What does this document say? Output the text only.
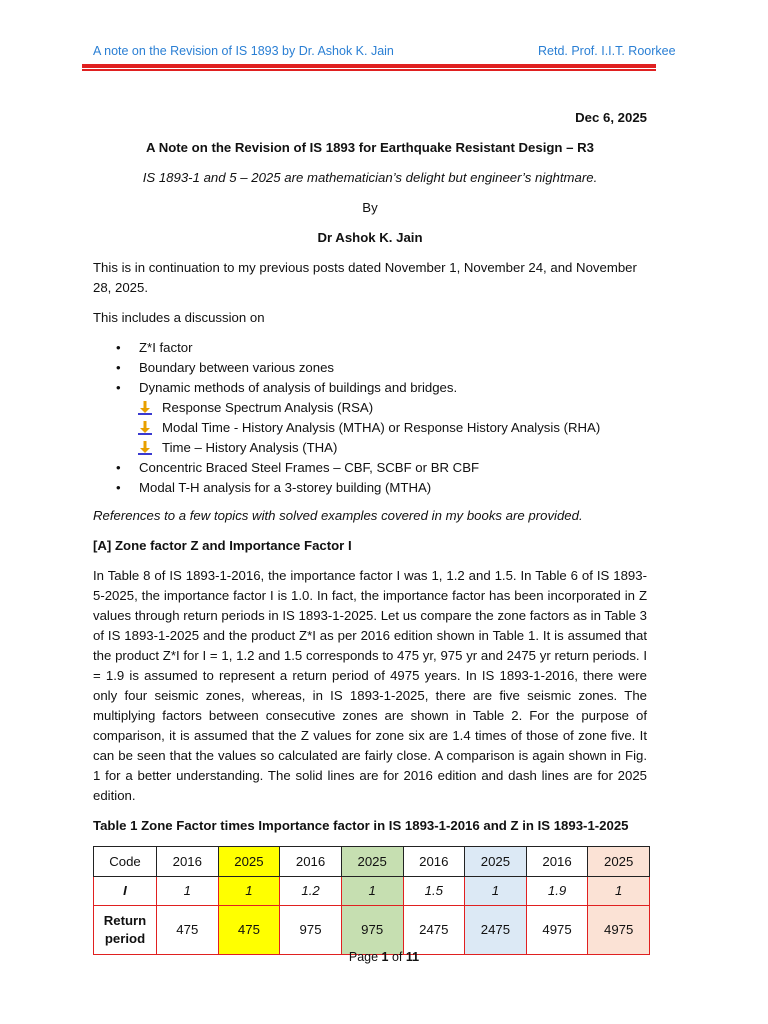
A note on the Revision of IS 1893 by Dr. Ashok K. Jain	Retd. Prof. I.I.T. Roorkee

Dec 6, 2025

A Note on the Revision of IS 1893 for Earthquake Resistant Design – R3

IS 1893-1 and 5 – 2025 are mathematician’s delight but engineer’s nightmare.

By

Dr Ashok K. Jain

This is in continuation to my previous posts dated November 1, November 24, and November 28, 2025.

This includes a discussion on

• Z*I factor
• Boundary between various zones
• Dynamic methods of analysis of buildings and bridges.
Response Spectrum Analysis (RSA)
Modal Time - History Analysis (MTHA) or Response History Analysis (RHA)
Time – History Analysis (THA)
• Concentric Braced Steel Frames – CBF, SCBF or BR CBF
• Modal T-H analysis for a 3-storey building (MTHA)

References to a few topics with solved examples covered in my books are provided.

[A] Zone factor Z and Importance Factor I

In Table 8 of IS 1893-1-2016, the importance factor I was 1, 1.2 and 1.5. In Table 6 of IS 1893-5-2025, the importance factor I is 1.0. In fact, the importance factor has been incorporated in Z values through return periods in IS 1893-1-2025. Let us compare the zone factors as in Table 3 of IS 1893-1-2025 and the product Z*I as per 2016 edition shown in Table 1. It is assumed that the product Z*I for I = 1, 1.2 and 1.5 corresponds to 475 yr, 975 yr and 2475 yr return periods. I = 1.9 is assumed to represent a return period of 4975 years. In IS 1893-1-2016, there were only four seismic zones, whereas, in IS 1893-1-2025, there are five seismic zones. The multiplying factors between consecutive zones are shown in Table 2. For the purpose of comparison, it is assumed that the Z values for zone six are 1.4 times of those of zone five. It can be seen that the values so calculated are fairly close. A comparison is again shown in Fig. 1 for a better understanding. The solid lines are for 2016 edition and dash lines are for 2025 edition.

Table 1 Zone Factor times Importance factor in IS 1893-1-2016 and Z in IS 1893-1-2025

Code	2016	2025	2016	2025	2016	2025	2016	2025
I	1	1	1.2	1	1.5	1	1.9	1
Return
period	475	475	975	975	2475	2475	4975	4975
Page 1 of 11
